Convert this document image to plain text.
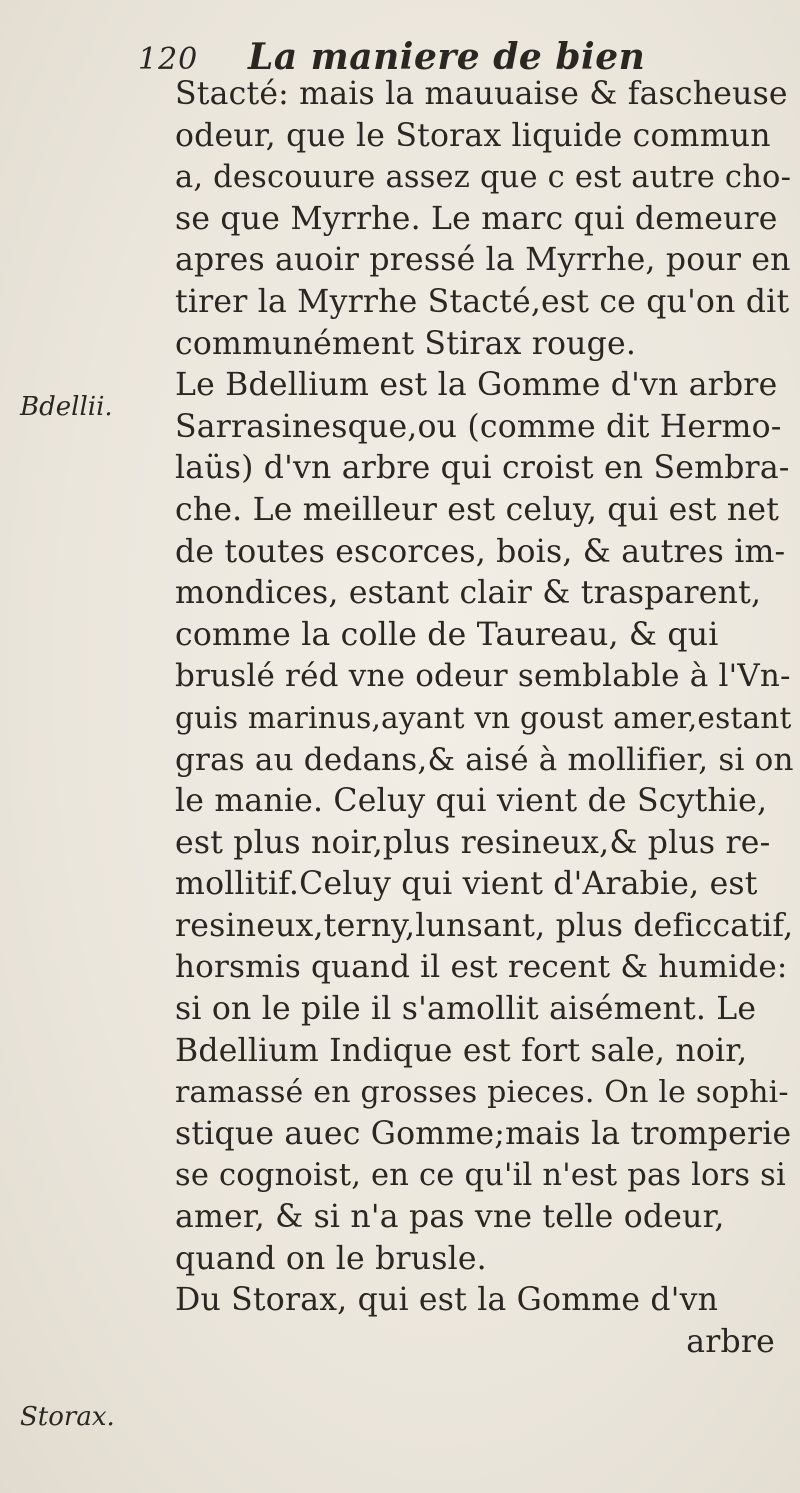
120 La maniere de bien
Bdellii.
Storax.
Stacté: mais la mauuaise & fascheuse
odeur, que le Storax liquide commun
a, descouure assez que c est autre cho-
se que Myrrhe. Le marc qui demeure
apres auoir pressé la Myrrhe, pour en
tirer la Myrrhe Stacté,est ce qu'on dit
communément Stirax rouge.
Le Bdellium est la Gomme d'vn arbre
Sarrasinesque,ou (comme dit Hermo-
laüs) d'vn arbre qui croist en Sembra-
che. Le meilleur est celuy, qui est net
de toutes escorces, bois, & autres im-
mondices, estant clair & trasparent,
comme la colle de Taureau, & qui
bruslé réd vne odeur semblable à l'Vn-
guis marinus,ayant vn goust amer,estant
gras au dedans,& aisé à mollifier, si on
le manie. Celuy qui vient de Scythie,
est plus noir,plus resineux,& plus re-
mollitif.Celuy qui vient d'Arabie, est
resineux,terny,lunsant, plus deficcatif,
horsmis quand il est recent & humide:
si on le pile il s'amollit aisément. Le
Bdellium Indique est fort sale, noir,
ramassé en grosses pieces. On le sophi-
stique auec Gomme;mais la tromperie
se cognoist, en ce qu'il n'est pas lors si
amer, & si n'a pas vne telle odeur,
quand on le brusle.
Du Storax, qui est la Gomme d'vn
arbre
